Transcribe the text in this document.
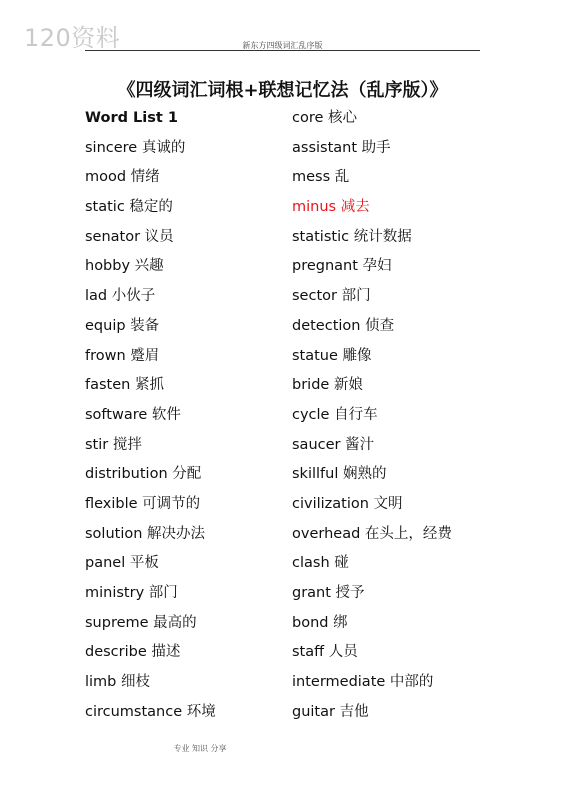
120资料	新东方四级词汇乱序版
《四级词汇词根+联想记忆法（乱序版）》
Word List 1
sincere 真诚的
mood 情绪
static 稳定的
senator 议员
hobby 兴趣
lad 小伙子
equip 装备
frown 蹙眉
fasten 紧抓
software 软件
stir 搅拌
distribution 分配
flexible 可调节的
solution 解决办法
panel 平板
ministry 部门
supreme 最高的
describe 描述
limb 细枝
circumstance 环境
core 核心
assistant 助手
mess 乱
minus 减去
statistic 统计数据
pregnant 孕妇
sector 部门
detection 侦查
statue 雕像
bride 新娘
cycle 自行车
saucer 酱汁
skillful 娴熟的
civilization 文明
overhead 在头上，经费
clash 碰
grant 授予
bond 绑
staff 人员
intermediate 中部的
guitar 吉他
专业 知识 分享
